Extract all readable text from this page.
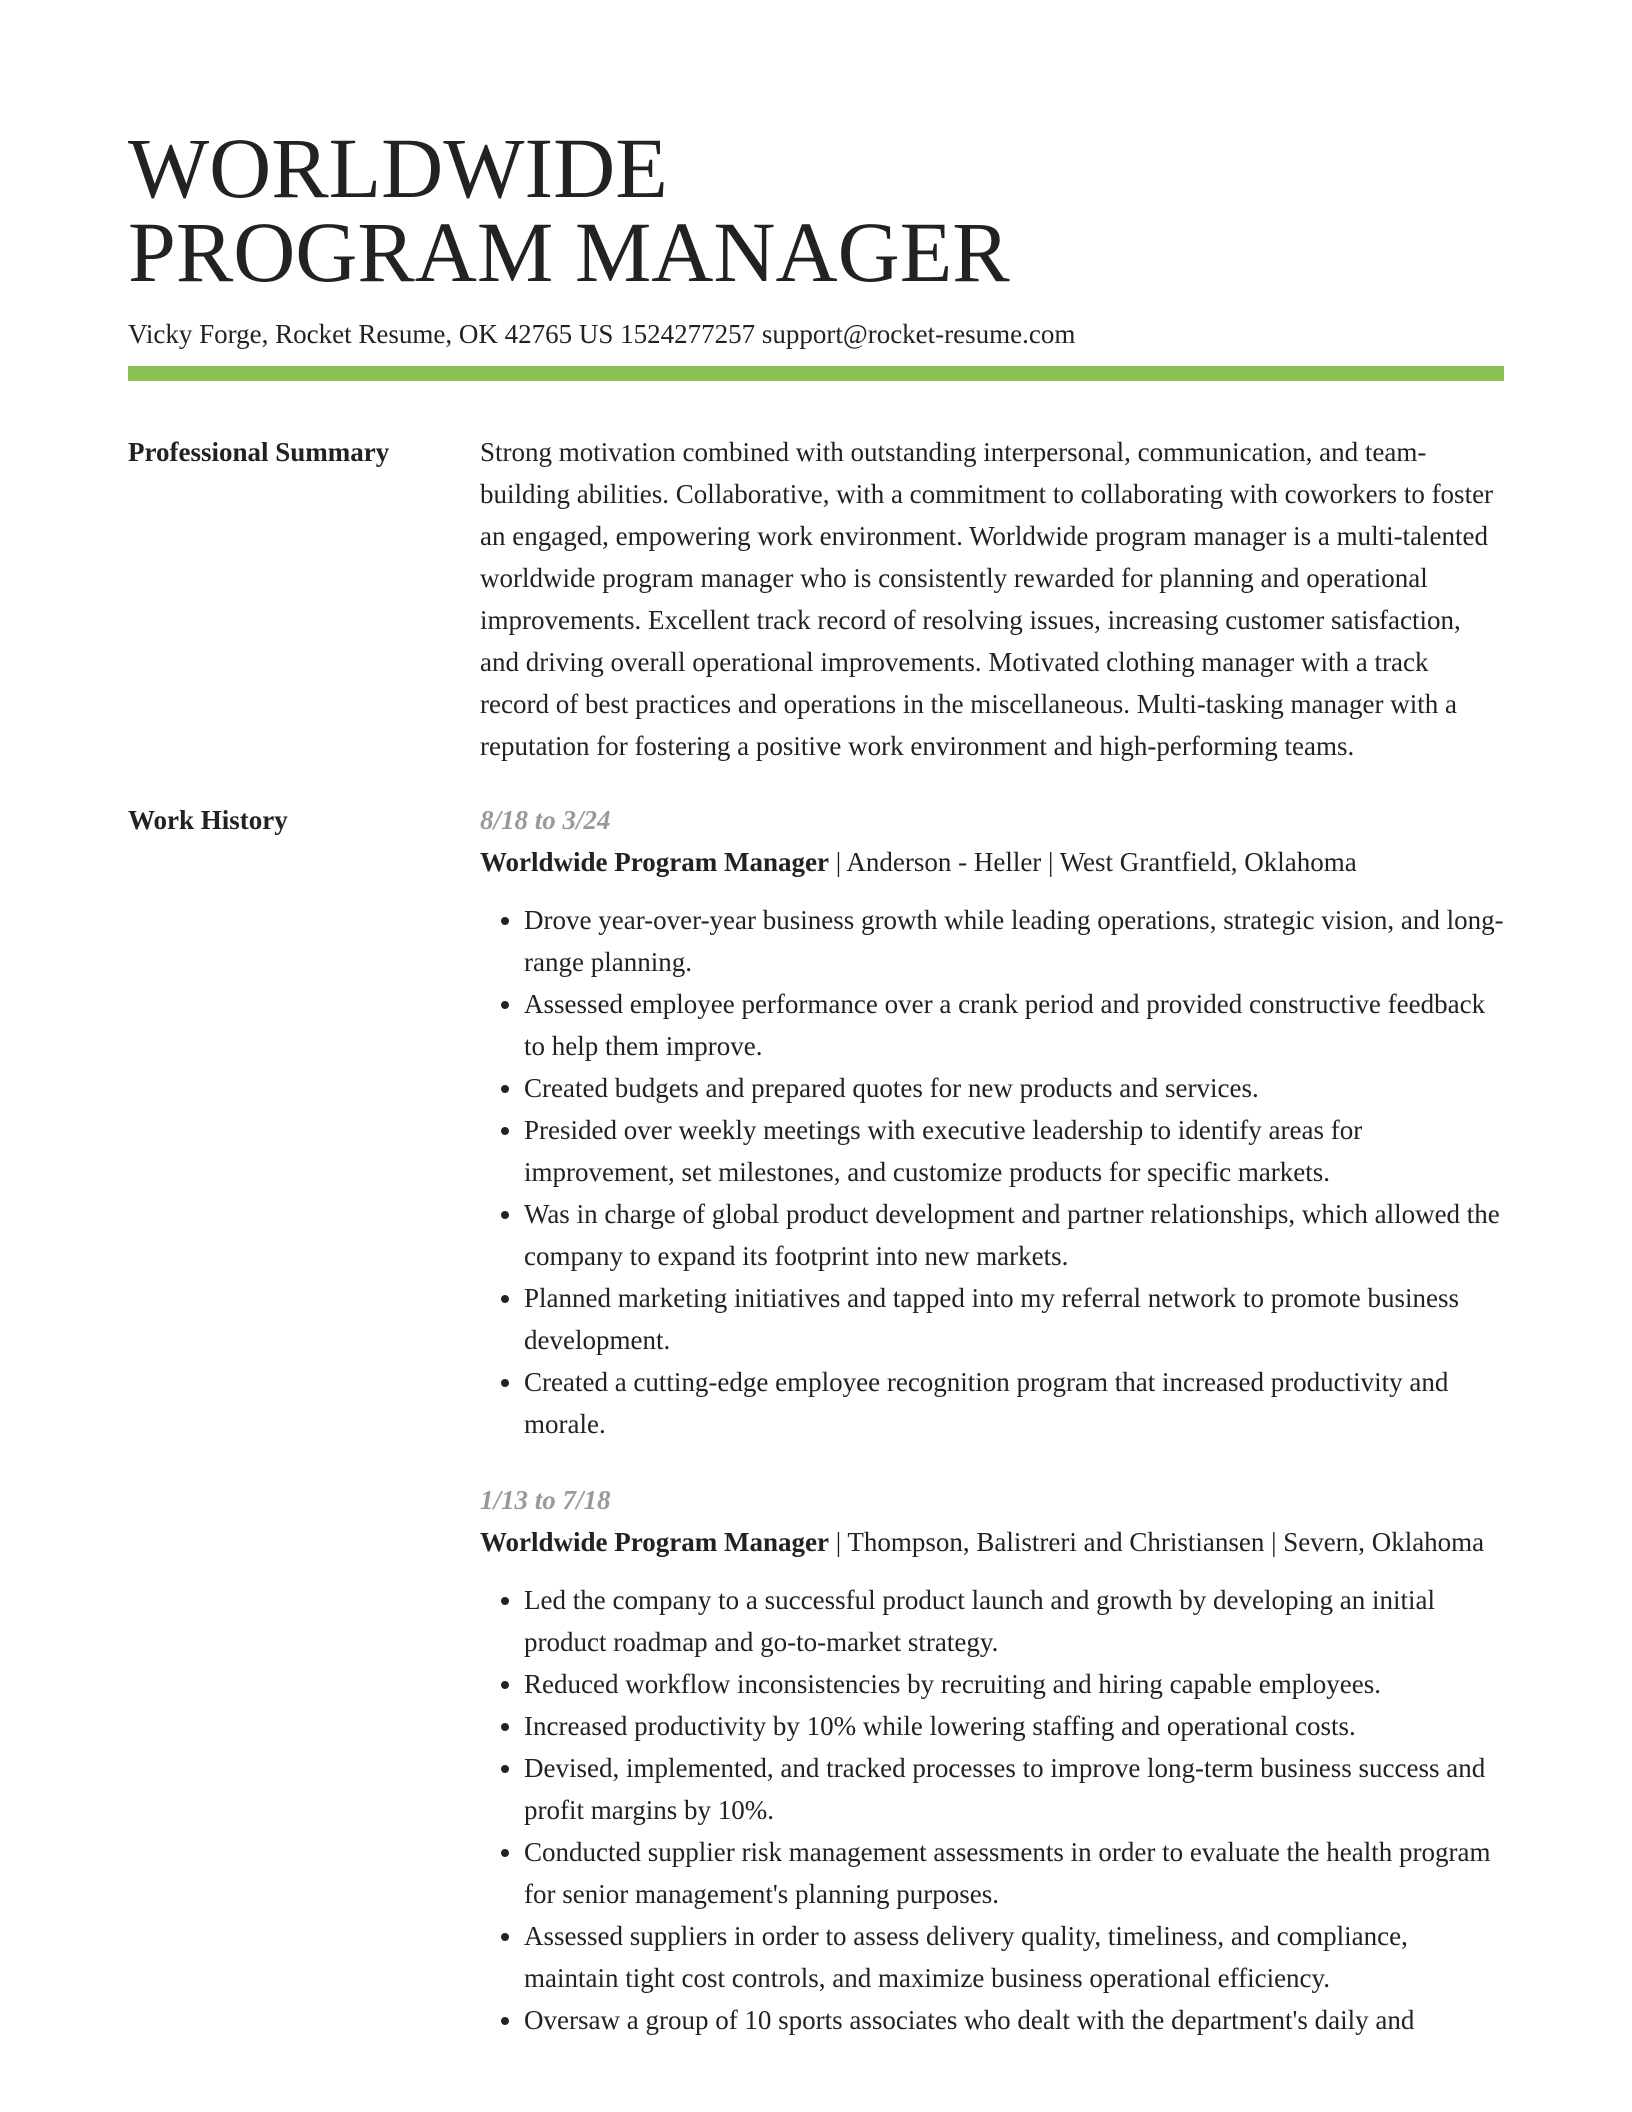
WORLDWIDE
PROGRAM MANAGER
Vicky Forge, Rocket Resume, OK 42765 US 1524277257 support@rocket-resume.com
Professional Summary	Strong motivation combined with outstanding interpersonal, communication, and team-building abilities. Collaborative, with a commitment to collaborating with coworkers to foster an engaged, empowering work environment. Worldwide program manager is a multi-talented worldwide program manager who is consistently rewarded for planning and operational improvements. Excellent track record of resolving issues, increasing customer satisfaction, and driving overall operational improvements. Motivated clothing manager with a track record of best practices and operations in the miscellaneous. Multi-tasking manager with a reputation for fostering a positive work environment and high-performing teams.

Work History	8/18 to 3/24

Worldwide Program Manager | Anderson - Heller | West Grantfield, Oklahoma

• Drove year-over-year business growth while leading operations, strategic vision, and long-range planning.
• Assessed employee performance over a crank period and provided constructive feedback to help them improve.
• Created budgets and prepared quotes for new products and services.
• Presided over weekly meetings with executive leadership to identify areas for improvement, set milestones, and customize products for specific markets.
• Was in charge of global product development and partner relationships, which allowed the company to expand its footprint into new markets.
• Planned marketing initiatives and tapped into my referral network to promote business development.
• Created a cutting-edge employee recognition program that increased productivity and morale.
1/13 to 7/18

Worldwide Program Manager | Thompson, Balistreri and Christiansen | Severn, Oklahoma

• Led the company to a successful product launch and growth by developing an initial product roadmap and go-to-market strategy.
• Reduced workflow inconsistencies by recruiting and hiring capable employees.
• Increased productivity by 10% while lowering staffing and operational costs.
• Devised, implemented, and tracked processes to improve long-term business success and profit margins by 10%.
• Conducted supplier risk management assessments in order to evaluate the health program for senior management's planning purposes.
• Assessed suppliers in order to assess delivery quality, timeliness, and compliance, maintain tight cost controls, and maximize business operational efficiency.
• Oversaw a group of 10 sports associates who dealt with the department's daily and
